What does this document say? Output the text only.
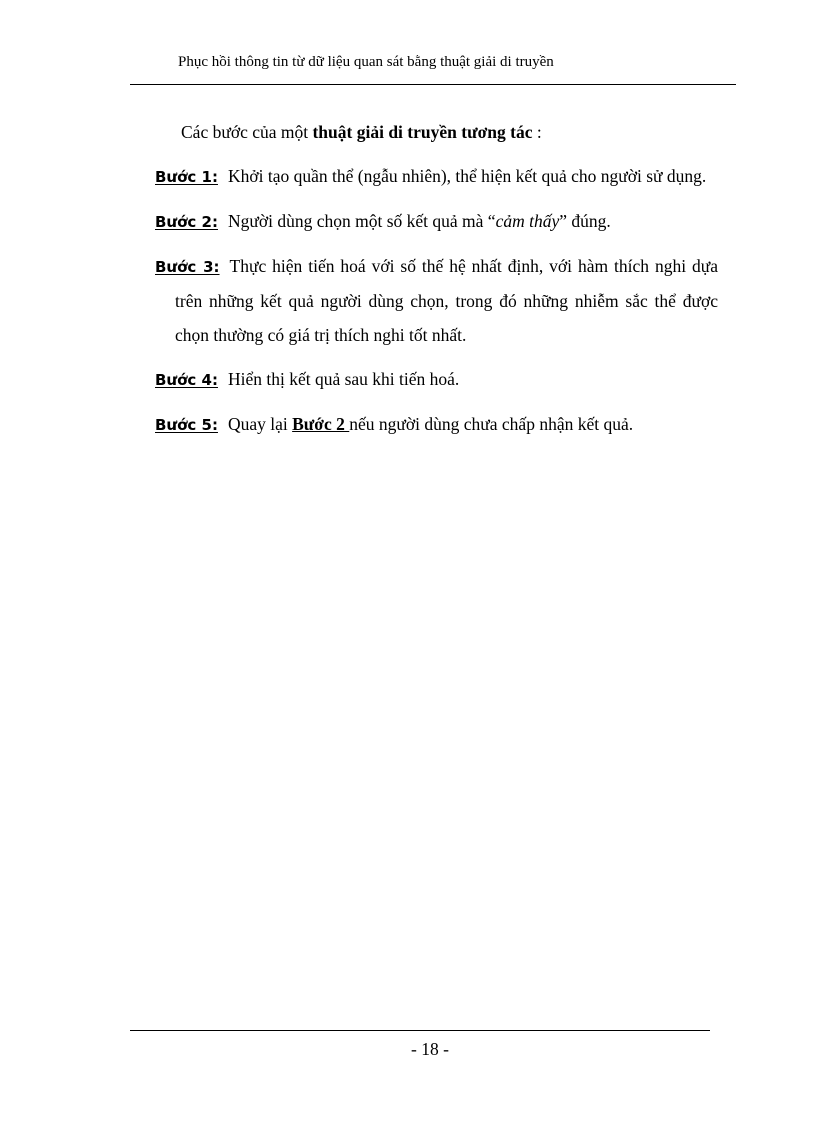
Phục hồi thông tin từ dữ liệu quan sát bằng thuật giải di truyền

Các bước của một thuật giải di truyền tương tác :

Bước 1: Khởi tạo quần thể (ngẫu nhiên), thể hiện kết quả cho người sử dụng.

Bước 2: Người dùng chọn một số kết quả mà “cảm thấy” đúng.

Bước 3: Thực hiện tiến hoá với số thế hệ nhất định, với hàm thích nghi dựa trên những kết quả người dùng chọn, trong đó những nhiễm sắc thể được chọn thường có giá trị thích nghi tốt nhất.

Bước 4: Hiển thị kết quả sau khi tiến hoá.

Bước 5: Quay lại Bước 2 nếu người dùng chưa chấp nhận kết quả.

- 18 -
